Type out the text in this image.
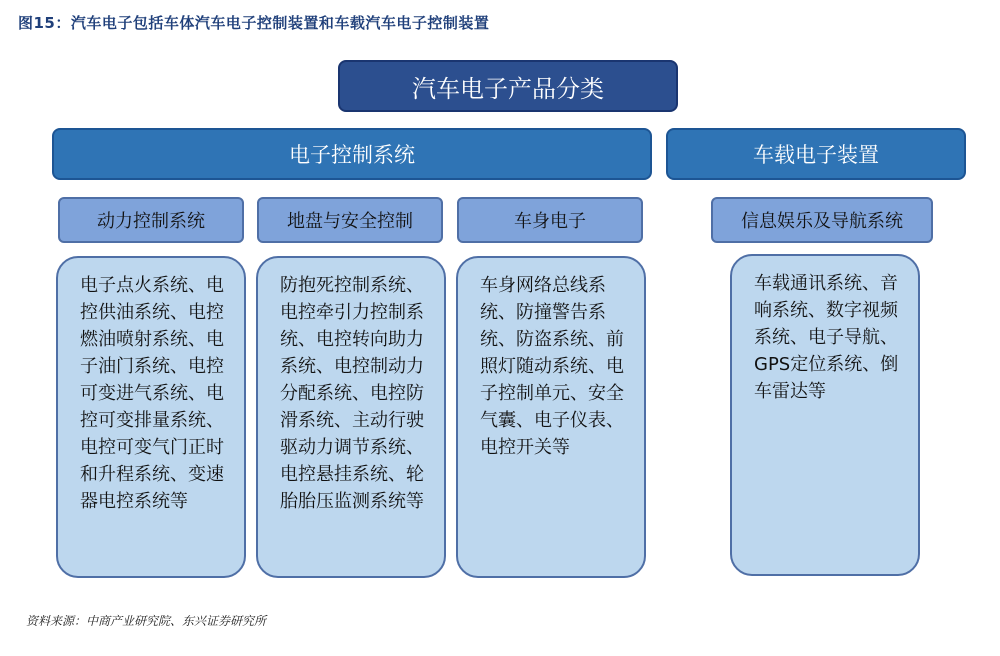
图15：汽车电子包括车体汽车电子控制装置和车载汽车电子控制装置
汽车电子产品分类
电子控制系统	车载电子装置
动力控制系统	地盘与安全控制	车身电子	信息娱乐及导航系统
电子点火系统、电控供油系统、电控燃油喷射系统、电子油门系统、电控可变进气系统、电控可变排量系统、电控可变气门正时和升程系统、变速器电控系统等
防抱死控制系统、电控牵引力控制系统、电控转向助力系统、电控制动力分配系统、电控防滑系统、主动行驶驱动力调节系统、电控悬挂系统、轮胎胎压监测系统等
车身网络总线系统、防撞警告系统、防盗系统、前照灯随动系统、电子控制单元、安全气囊、电子仪表、电控开关等
车载通讯系统、音响系统、数字视频系统、电子导航、GPS定位系统、倒车雷达等
资料来源：中商产业研究院、东兴证券研究所
